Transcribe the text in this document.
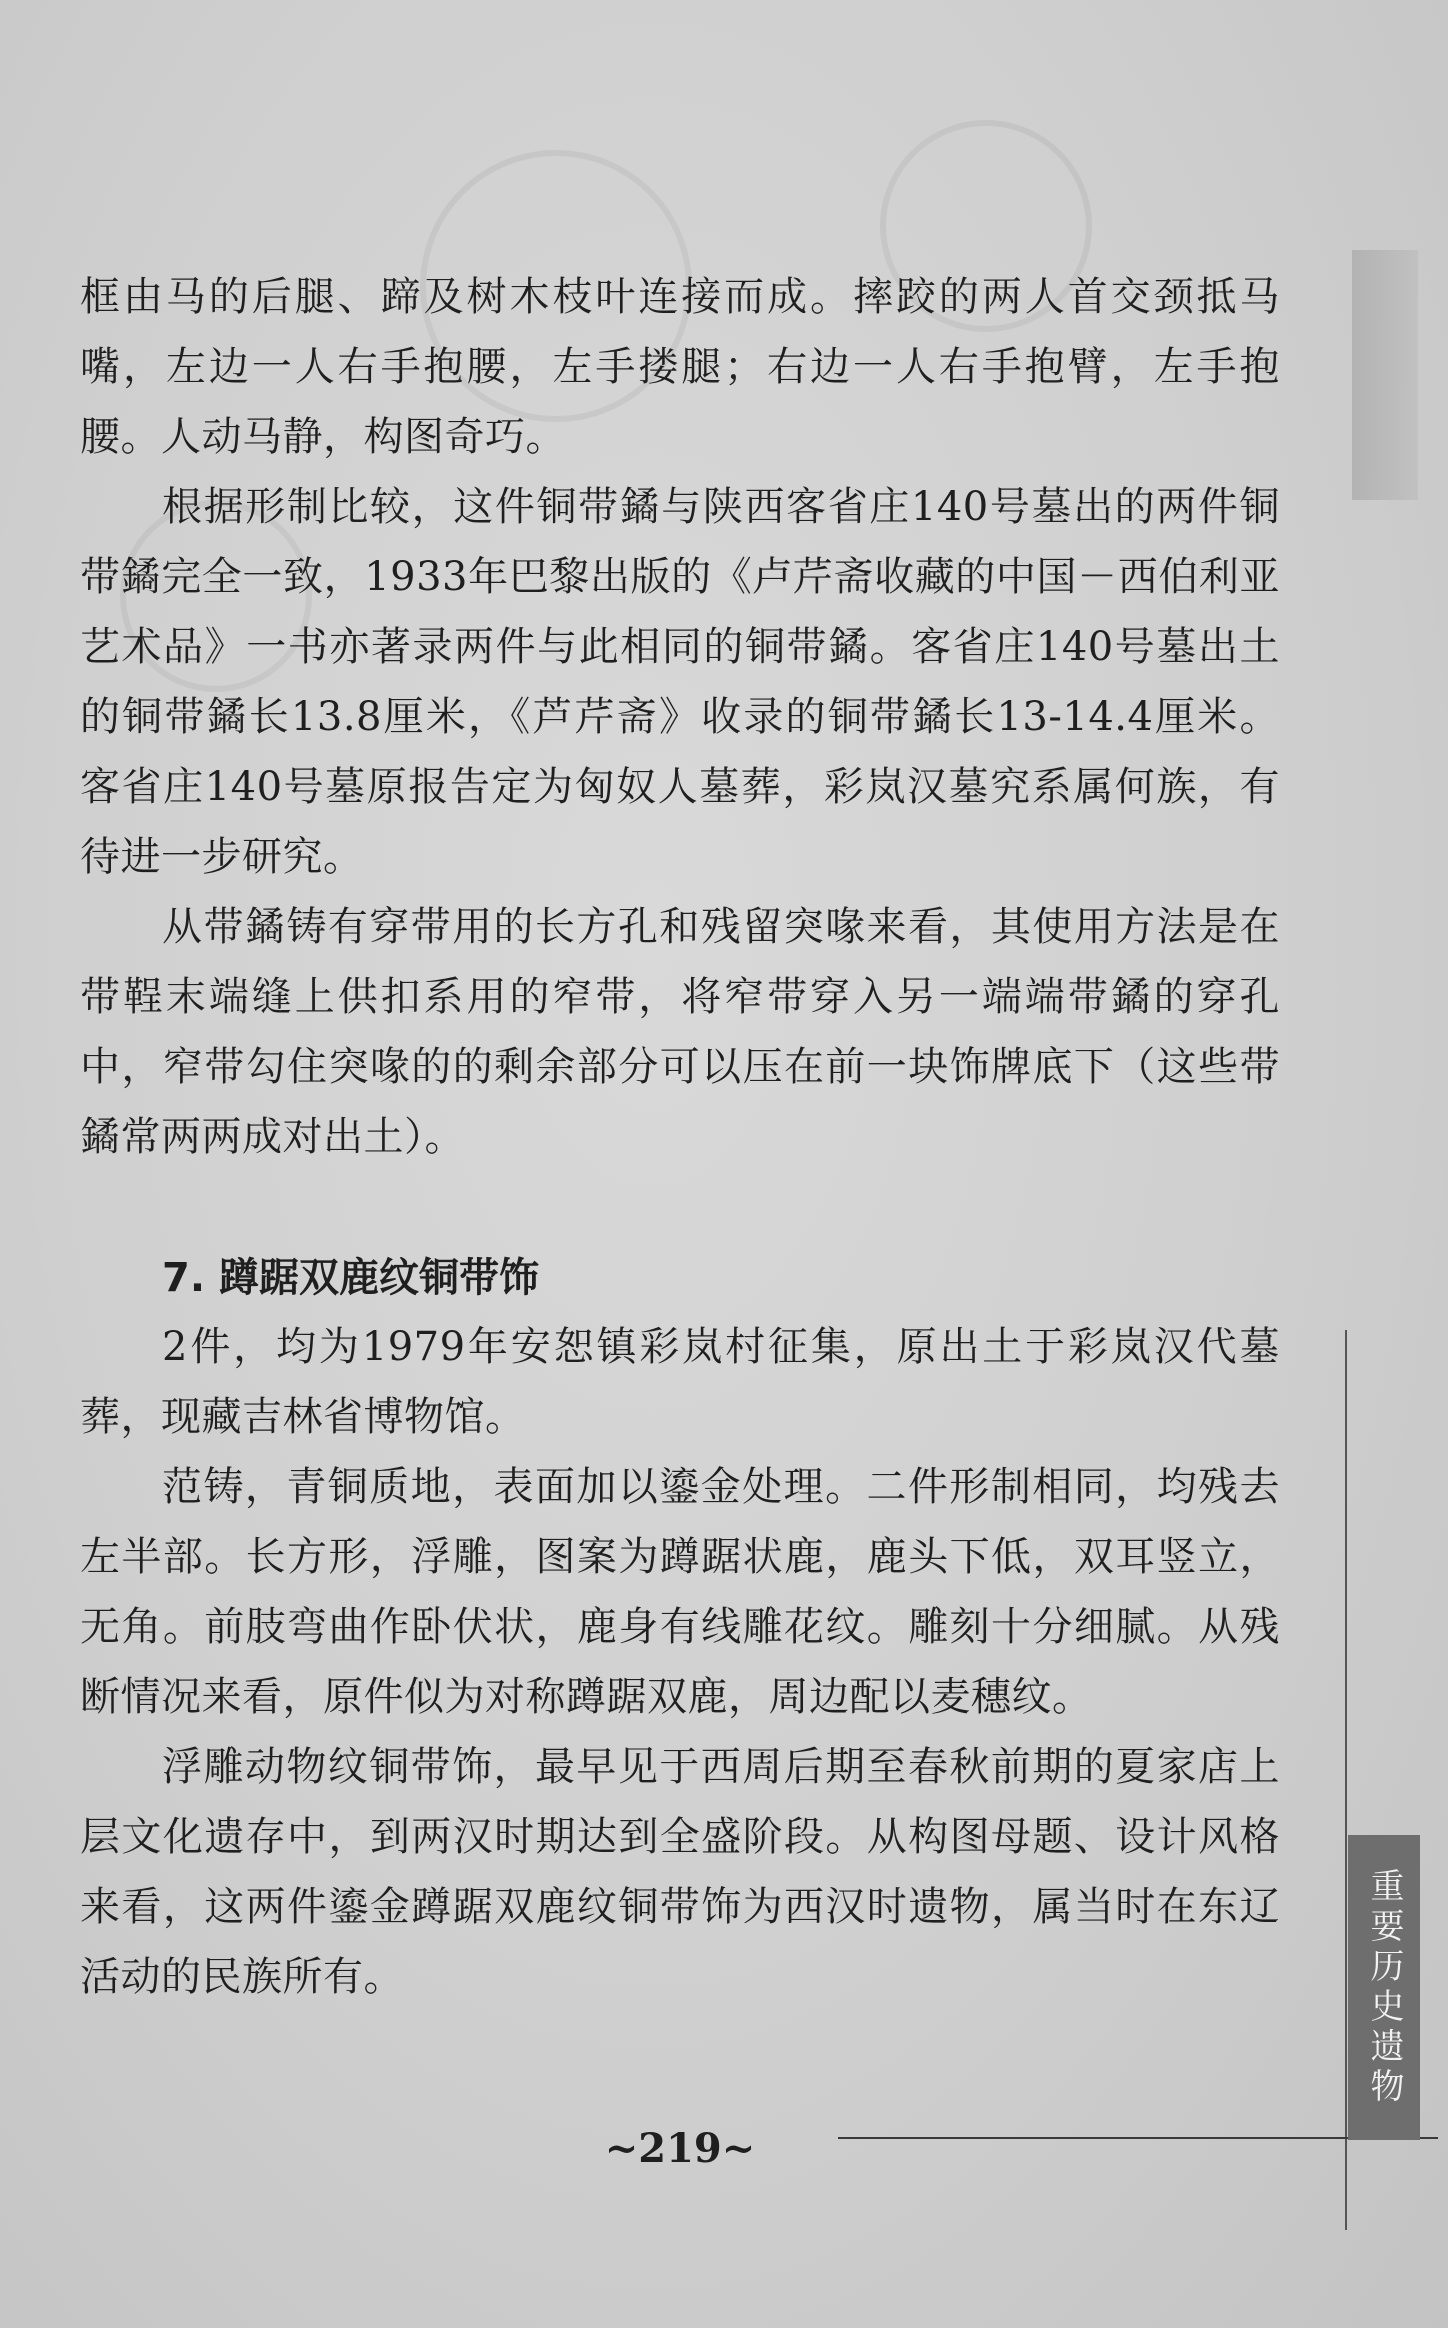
框由马的后腿、蹄及树木枝叶连接而成。摔跤的两人首交颈抵马嘴，左边一人右手抱腰，左手搂腿；右边一人右手抱臂，左手抱腰。人动马静，构图奇巧。

根据形制比较，这件铜带鐍与陕西客省庄140号墓出的两件铜带鐍完全一致，1933年巴黎出版的《卢芹斋收藏的中国－西伯利亚艺术品》一书亦著录两件与此相同的铜带鐍。客省庄140号墓出土的铜带鐍长13.8厘米，《芦芹斋》收录的铜带鐍长13-14.4厘米。客省庄140号墓原报告定为匈奴人墓葬，彩岚汉墓究系属何族，有待进一步研究。

从带鐍铸有穿带用的长方孔和残留突喙来看，其使用方法是在带鞓末端缝上供扣系用的窄带，将窄带穿入另一端端带鐍的穿孔中，窄带勾住突喙的的剩余部分可以压在前一块饰牌底下（这些带鐍常两两成对出土）。

7. 蹲踞双鹿纹铜带饰

2件，均为1979年安恕镇彩岚村征集，原出土于彩岚汉代墓葬，现藏吉林省博物馆。

范铸，青铜质地，表面加以鎏金处理。二件形制相同，均残去左半部。长方形，浮雕，图案为蹲踞状鹿，鹿头下低，双耳竖立，无角。前肢弯曲作卧伏状，鹿身有线雕花纹。雕刻十分细腻。从残断情况来看，原件似为对称蹲踞双鹿，周边配以麦穗纹。

浮雕动物纹铜带饰，最早见于西周后期至春秋前期的夏家店上层文化遗存中，到两汉时期达到全盛阶段。从构图母题、设计风格来看，这两件鎏金蹲踞双鹿纹铜带饰为西汉时遗物，属当时在东辽活动的民族所有。	重要历史遗物
~219~
